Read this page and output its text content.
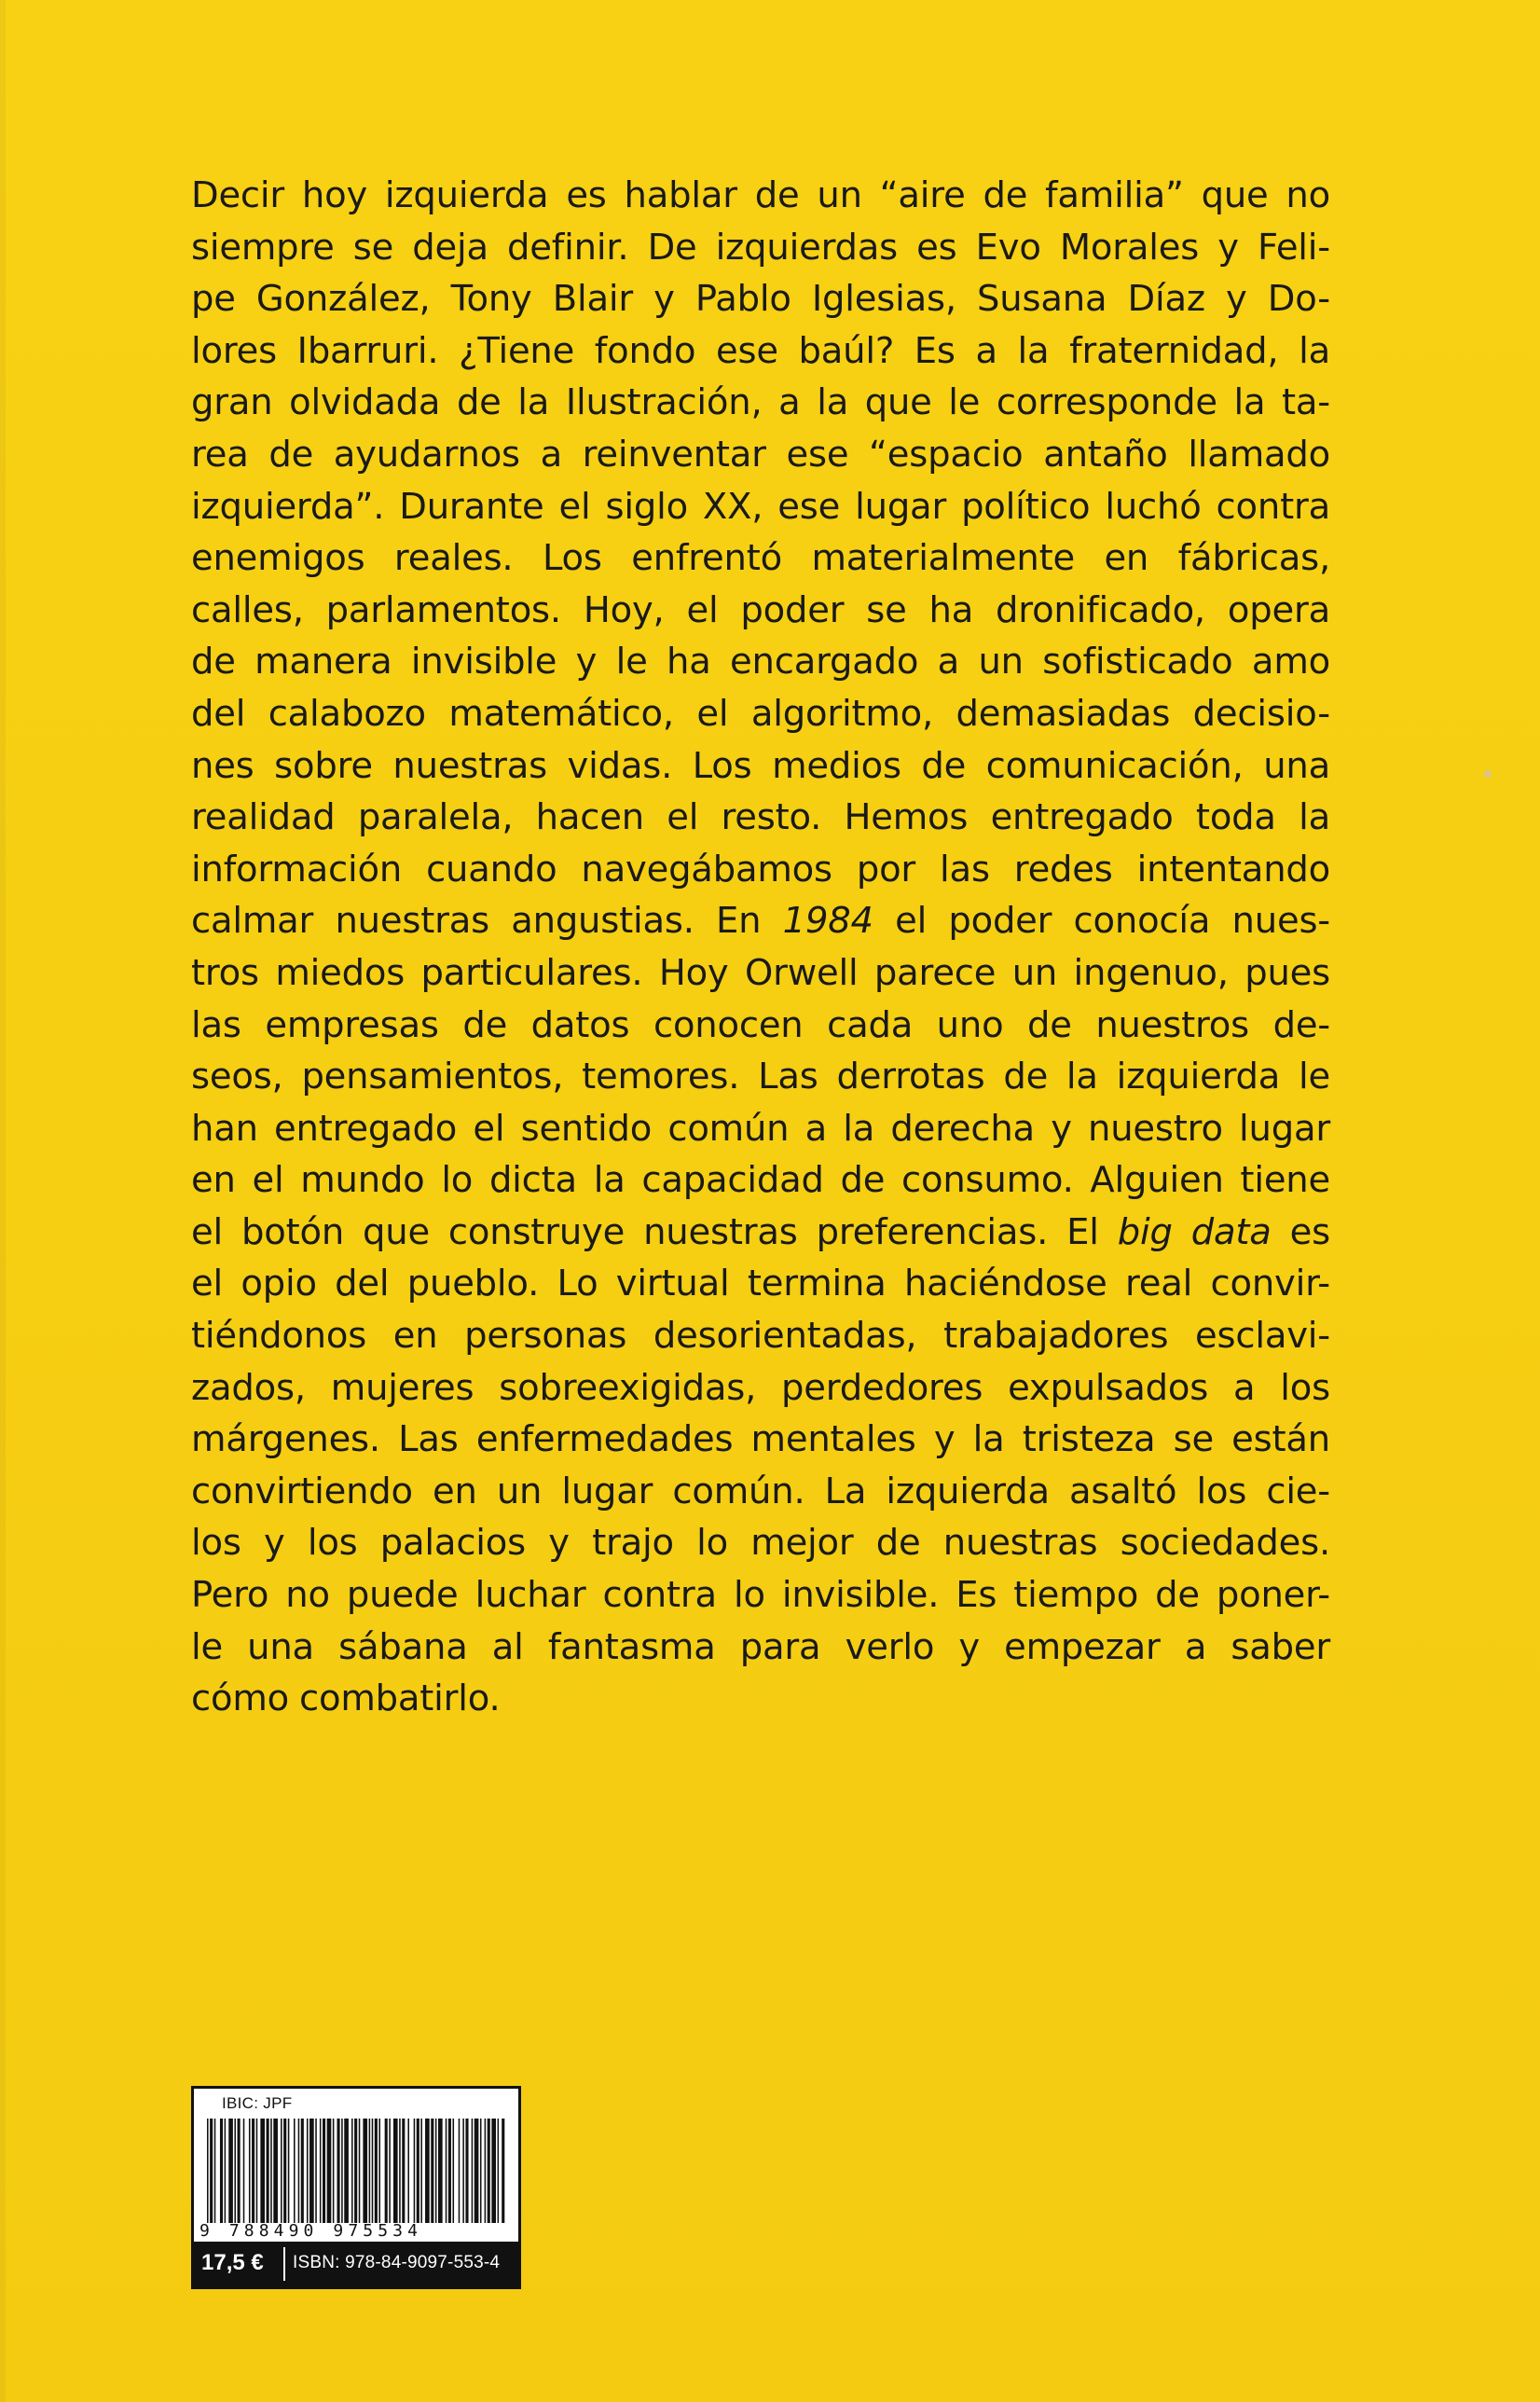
Decir hoy izquierda es hablar de un “aire de familia” que no
siempre se deja definir. De izquierdas es Evo Morales y Feli-
pe González, Tony Blair y Pablo Iglesias, Susana Díaz y Do-
lores Ibarruri. ¿Tiene fondo ese baúl? Es a la fraternidad, la
gran olvidada de la Ilustración, a la que le corresponde la ta-
rea de ayudarnos a reinventar ese “espacio antaño llamado
izquierda”. Durante el siglo XX, ese lugar político luchó contra
enemigos reales. Los enfrentó materialmente en fábricas,
calles, parlamentos. Hoy, el poder se ha dronificado, opera
de manera invisible y le ha encargado a un sofisticado amo
del calabozo matemático, el algoritmo, demasiadas decisio-
nes sobre nuestras vidas. Los medios de comunicación, una
realidad paralela, hacen el resto. Hemos entregado toda la
información cuando navegábamos por las redes intentando
calmar nuestras angustias. En 1984 el poder conocía nues-
tros miedos particulares. Hoy Orwell parece un ingenuo, pues
las empresas de datos conocen cada uno de nuestros de-
seos, pensamientos, temores. Las derrotas de la izquierda le
han entregado el sentido común a la derecha y nuestro lugar
en el mundo lo dicta la capacidad de consumo. Alguien tiene
el botón que construye nuestras preferencias. El big data es
el opio del pueblo. Lo virtual termina haciéndose real convir-
tiéndonos en personas desorientadas, trabajadores esclavi-
zados, mujeres sobreexigidas, perdedores expulsados a los
márgenes. Las enfermedades mentales y la tristeza se están
convirtiendo en un lugar común. La izquierda asaltó los cie-
los y los palacios y trajo lo mejor de nuestras sociedades.
Pero no puede luchar contra lo invisible. Es tiempo de poner-
le una sábana al fantasma para verlo y empezar a saber
cómo combatirlo.
IBIC: JPF
9 788490 975534
17,5 € ISBN: 978-84-9097-553-4
